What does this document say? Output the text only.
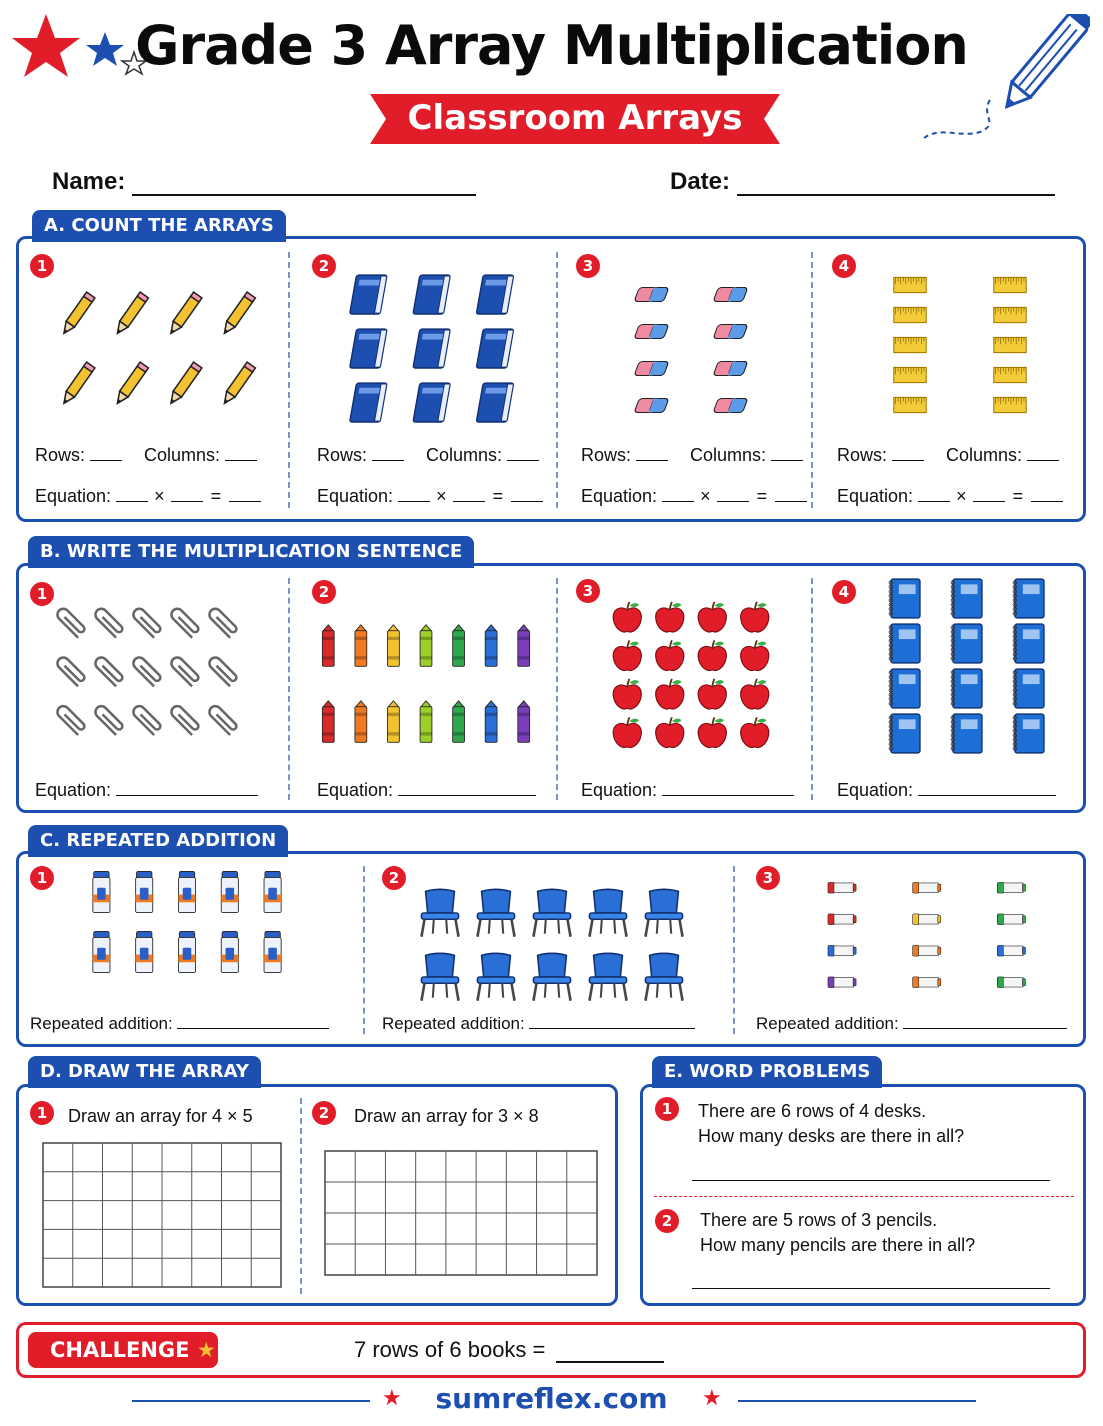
Grade 3 Array Multiplication
Classroom Arrays
Name:	Date:
A. COUNT THE ARRAYS
1
Rows:	Columns:
Equation: ×	=
2
Rows:	Columns:
Equation: ×	=
3
Rows:	Columns:
Equation: ×	=
4
Rows:	Columns:
Equation: ×	=
B. WRITE THE MULTIPLICATION SENTENCE
1
Equation:
2
Equation:
3
Equation:
4
Equation:
C. REPEATED ADDITION
1
Repeated addition:
2
Repeated addition:
3
Repeated addition:
D. DRAW THE ARRAY
1	Draw an array for 4 × 5	2	Draw an array for 3 × 8
E. WORD PROBLEMS
1	There are 6 rows of 4 desks.
How many desks are there in all?
2	There are 5 rows of 3 pencils.
How many pencils are there in all?
CHALLENGE ★	7 rows of 6 books =
★	★
sumreflex.com
